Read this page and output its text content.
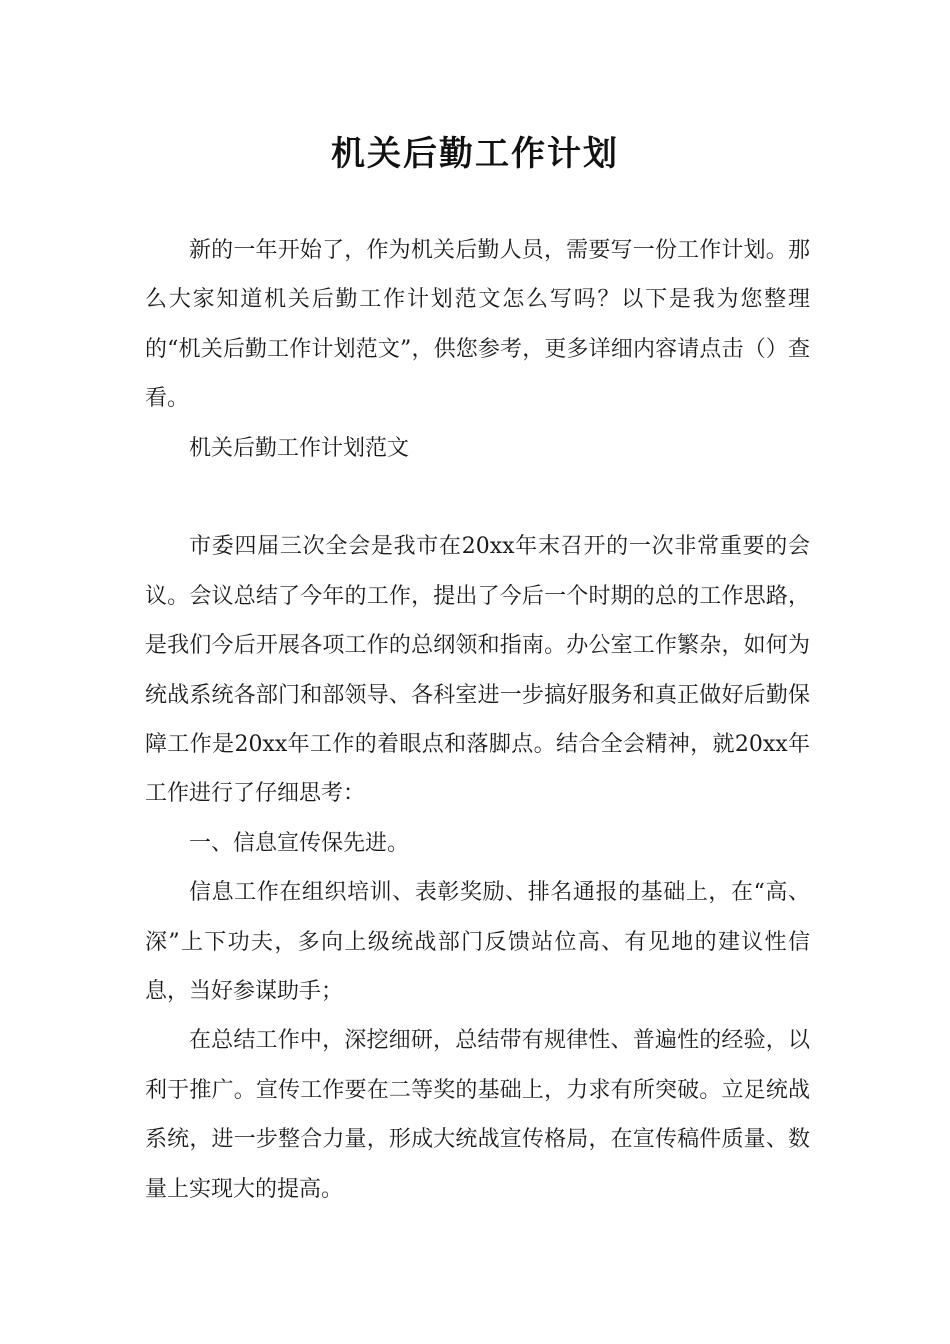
机关后勤工作计划

新的一年开始了，作为机关后勤人员，需要写一份工作计划。那么大家知道机关后勤工作计划范文怎么写吗？以下是我为您整理的“机关后勤工作计划范文”，供您参考，更多详细内容请点击（）查看。

机关后勤工作计划范文

市委四届三次全会是我市在20xx年末召开的一次非常重要的会议。会议总结了今年的工作，提出了今后一个时期的总的工作思路，是我们今后开展各项工作的总纲领和指南。办公室工作繁杂，如何为统战系统各部门和部领导、各科室进一步搞好服务和真正做好后勤保障工作是20xx年工作的着眼点和落脚点。结合全会精神，就20xx年工作进行了仔细思考：

一、信息宣传保先进。

信息工作在组织培训、表彰奖励、排名通报的基础上，在“高、深”上下功夫，多向上级统战部门反馈站位高、有见地的建议性信息，当好参谋助手；

在总结工作中，深挖细研，总结带有规律性、普遍性的经验，以利于推广。宣传工作要在二等奖的基础上，力求有所突破。立足统战系统，进一步整合力量，形成大统战宣传格局，在宣传稿件质量、数量上实现大的提高。
